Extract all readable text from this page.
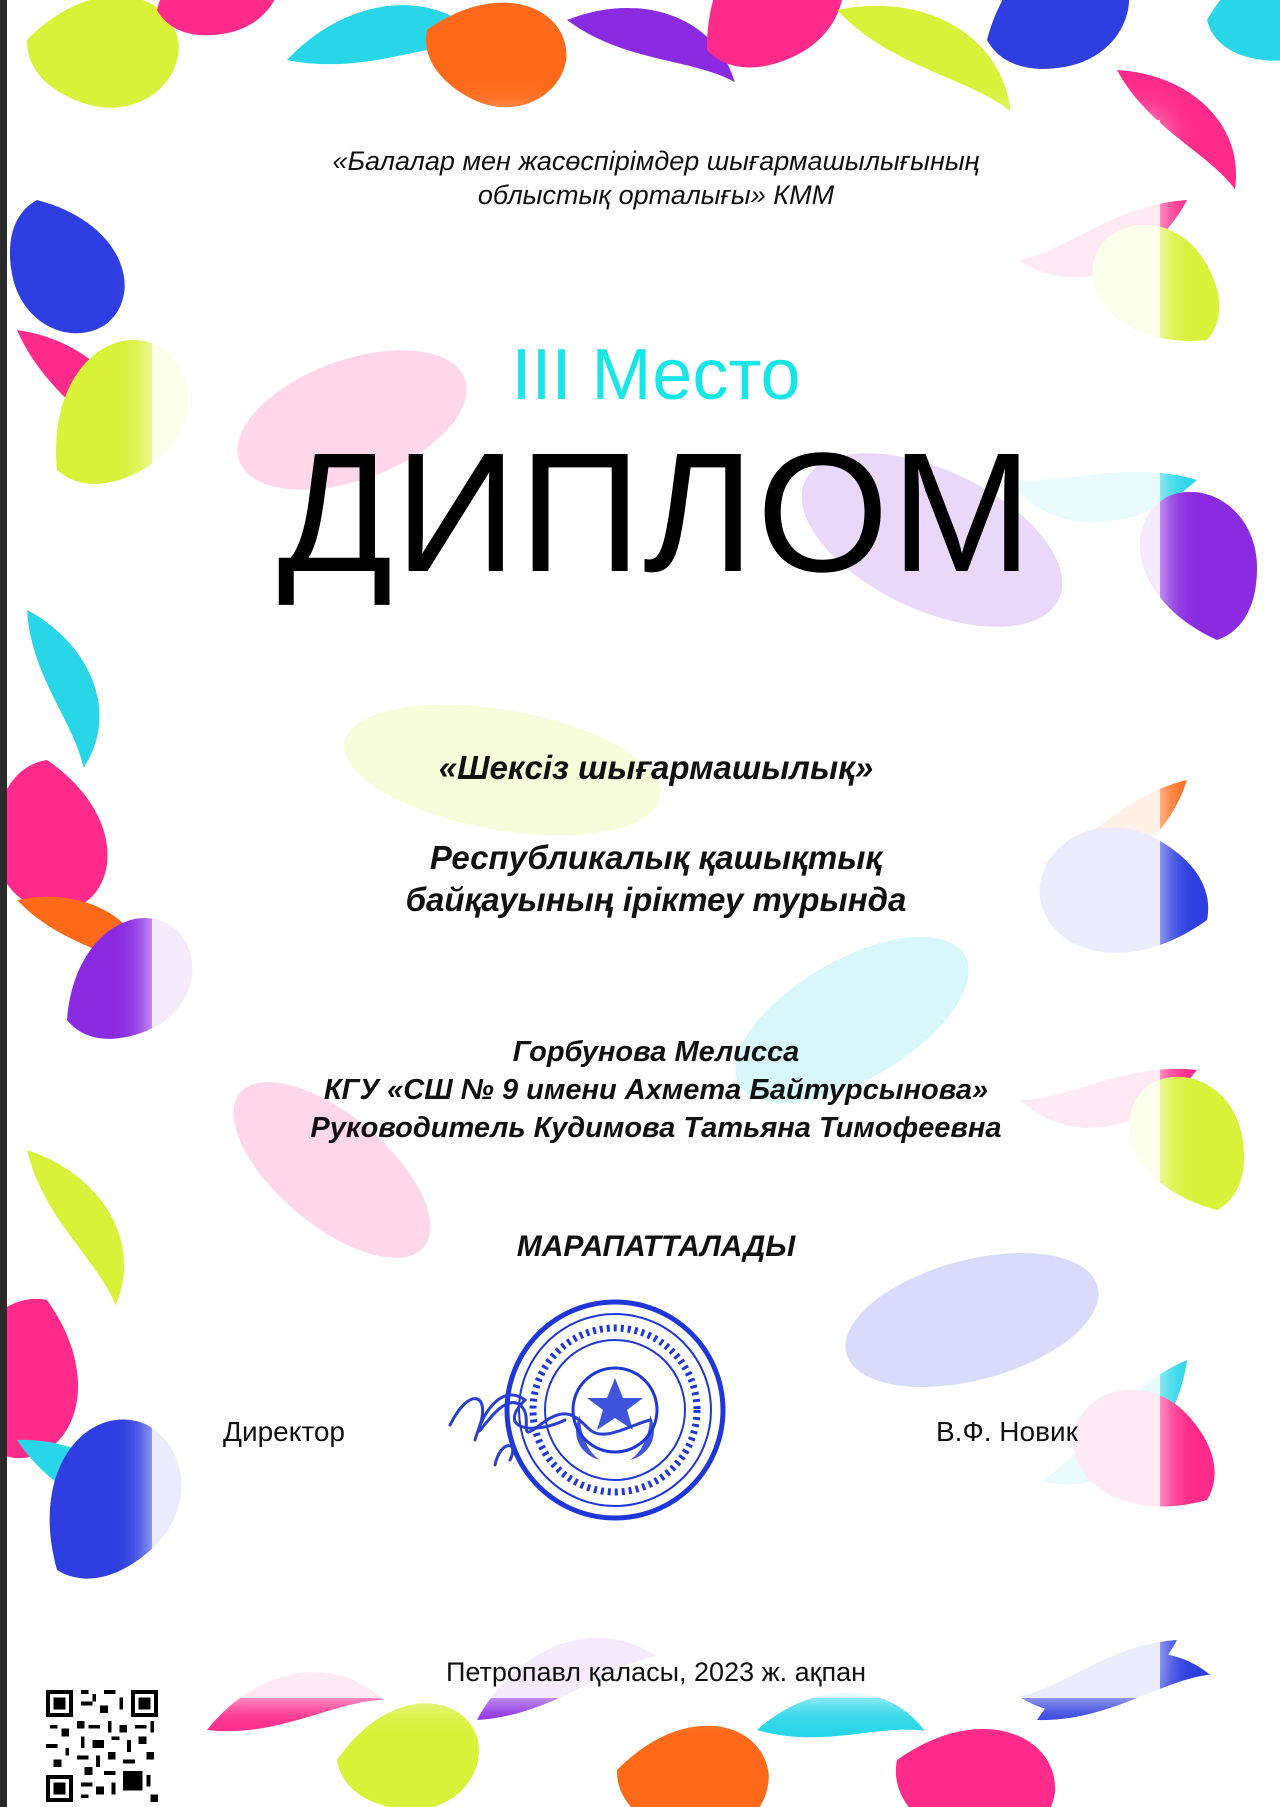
«Балалар мен жасөспірімдер шығармашылығының
облыстық орталығы» КММ

III Место

ДИПЛОМ

«Шексіз шығармашылық»

Республикалық қашықтық
байқауының іріктеу турында

Горбунова Мелисса
КГУ «СШ № 9 имени Ахмета Байтурсынова»
Руководитель Кудимова Татьяна Тимофеевна

МАРАПАТТАЛАДЫ

Директор	В.Ф. Новик

Петропавл қаласы, 2023 ж. ақпан
